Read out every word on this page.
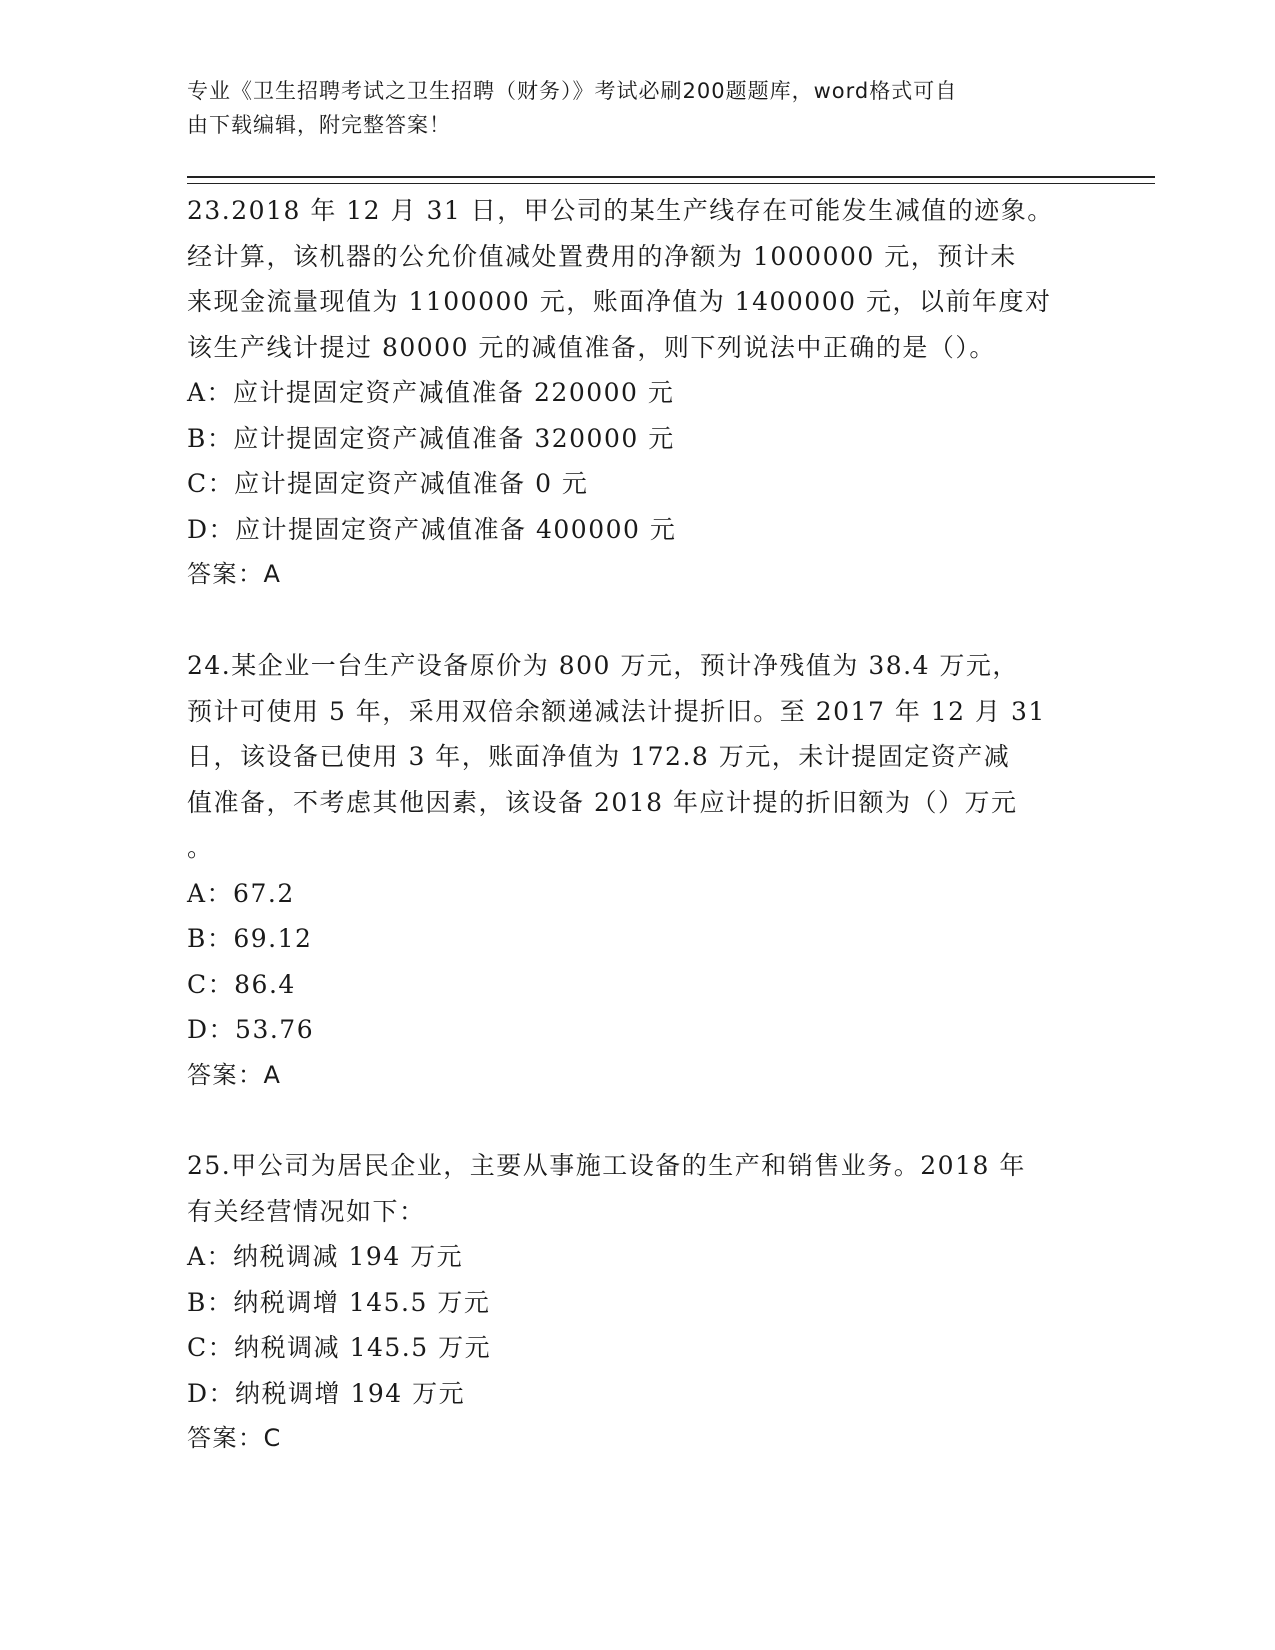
专业《卫生招聘考试之卫生招聘（财务）》考试必刷200题题库，word格式可自
由下载编辑，附完整答案！

23.2018 年 12 月 31 日，甲公司的某生产线存在可能发生减值的迹象。

经计算，该机器的公允价值减处置费用的净额为 1000000 元，预计未

来现金流量现值为 1100000 元，账面净值为 1400000 元，以前年度对

该生产线计提过 80000 元的减值准备，则下列说法中正确的是（）。

A：应计提固定资产减值准备 220000 元

B：应计提固定资产减值准备 320000 元

C：应计提固定资产减值准备 0 元

D：应计提固定资产减值准备 400000 元

答案：A

24.某企业一台生产设备原价为 800 万元，预计净残值为 38.4 万元，

预计可使用 5 年，采用双倍余额递减法计提折旧。至 2017 年 12 月 31

日，该设备已使用 3 年，账面净值为 172.8 万元，未计提固定资产减

值准备，不考虑其他因素，该设备 2018 年应计提的折旧额为（）万元

。

A：67.2

B：69.12

C：86.4

D：53.76

答案：A

25.甲公司为居民企业，主要从事施工设备的生产和销售业务。2018 年

有关经营情况如下：

A：纳税调减 194 万元

B：纳税调增 145.5 万元

C：纳税调减 145.5 万元

D：纳税调增 194 万元

答案：C
